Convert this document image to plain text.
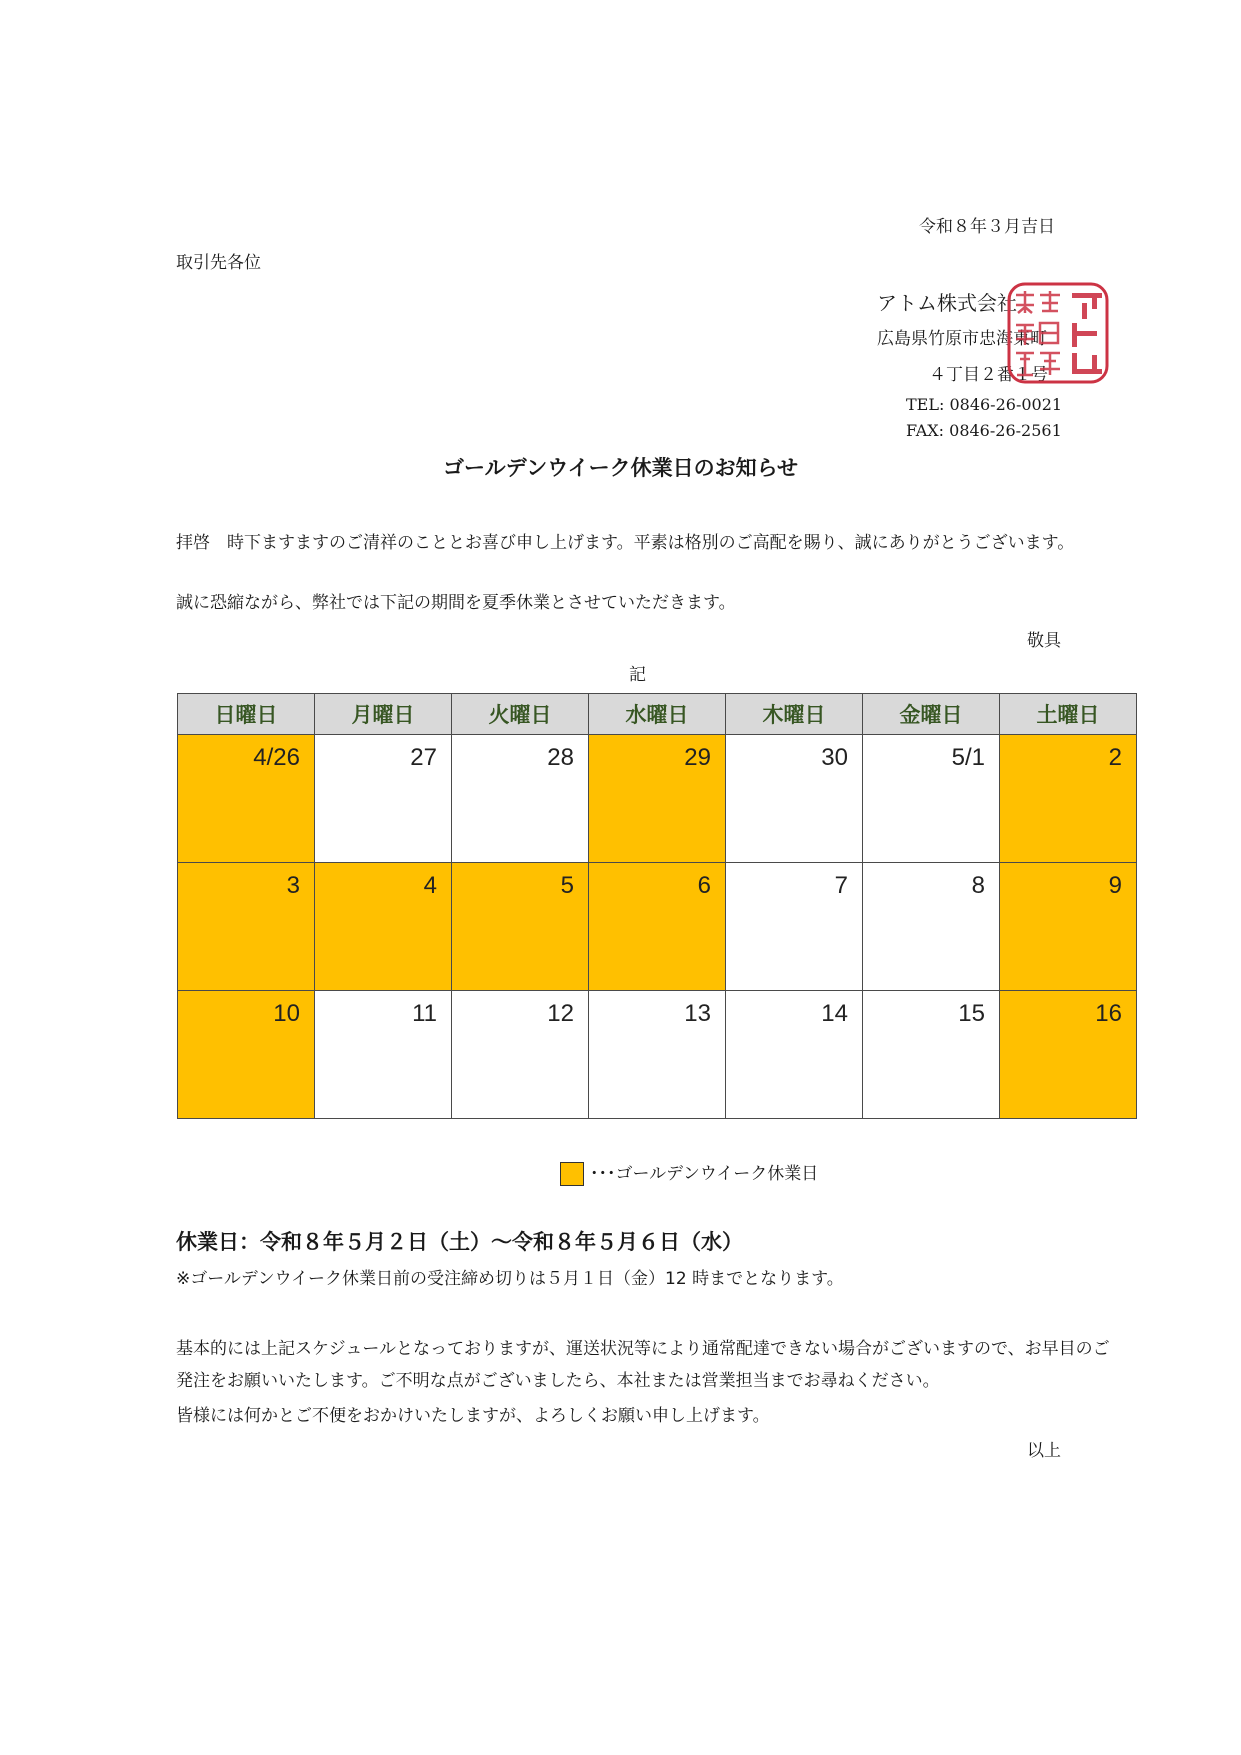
令和８年３月吉日
取引先各位
アトム株式会社
広島県竹原市忠海東町
４丁目２番１号
TEL: 0846-26-0021
FAX: 0846-26-2561
ゴールデンウイーク休業日のお知らせ
拝啓　時下ますますのご清祥のこととお喜び申し上げます。平素は格別のご高配を賜り、誠にありがとうございます。
誠に恐縮ながら、弊社では下記の期間を夏季休業とさせていただきます。
敬具
記
日曜日	月曜日	火曜日	水曜日	木曜日	金曜日	土曜日
4/26	27	28	29	30	5/1	2
3	4	5	6	7	8	9
10	11	12	13	14	15	16
･･･ゴールデンウイーク休業日
休業日：令和８年５月２日（土）～令和８年５月６日（水）
※ゴールデンウイーク休業日前の受注締め切りは５月１日（金）12 時までとなります。
基本的には上記スケジュールとなっておりますが、運送状況等により通常配達できない場合がございますので、お早目のご
発注をお願いいたします。ご不明な点がございましたら、本社または営業担当までお尋ねください。
皆様には何かとご不便をおかけいたしますが、よろしくお願い申し上げます。
以上
